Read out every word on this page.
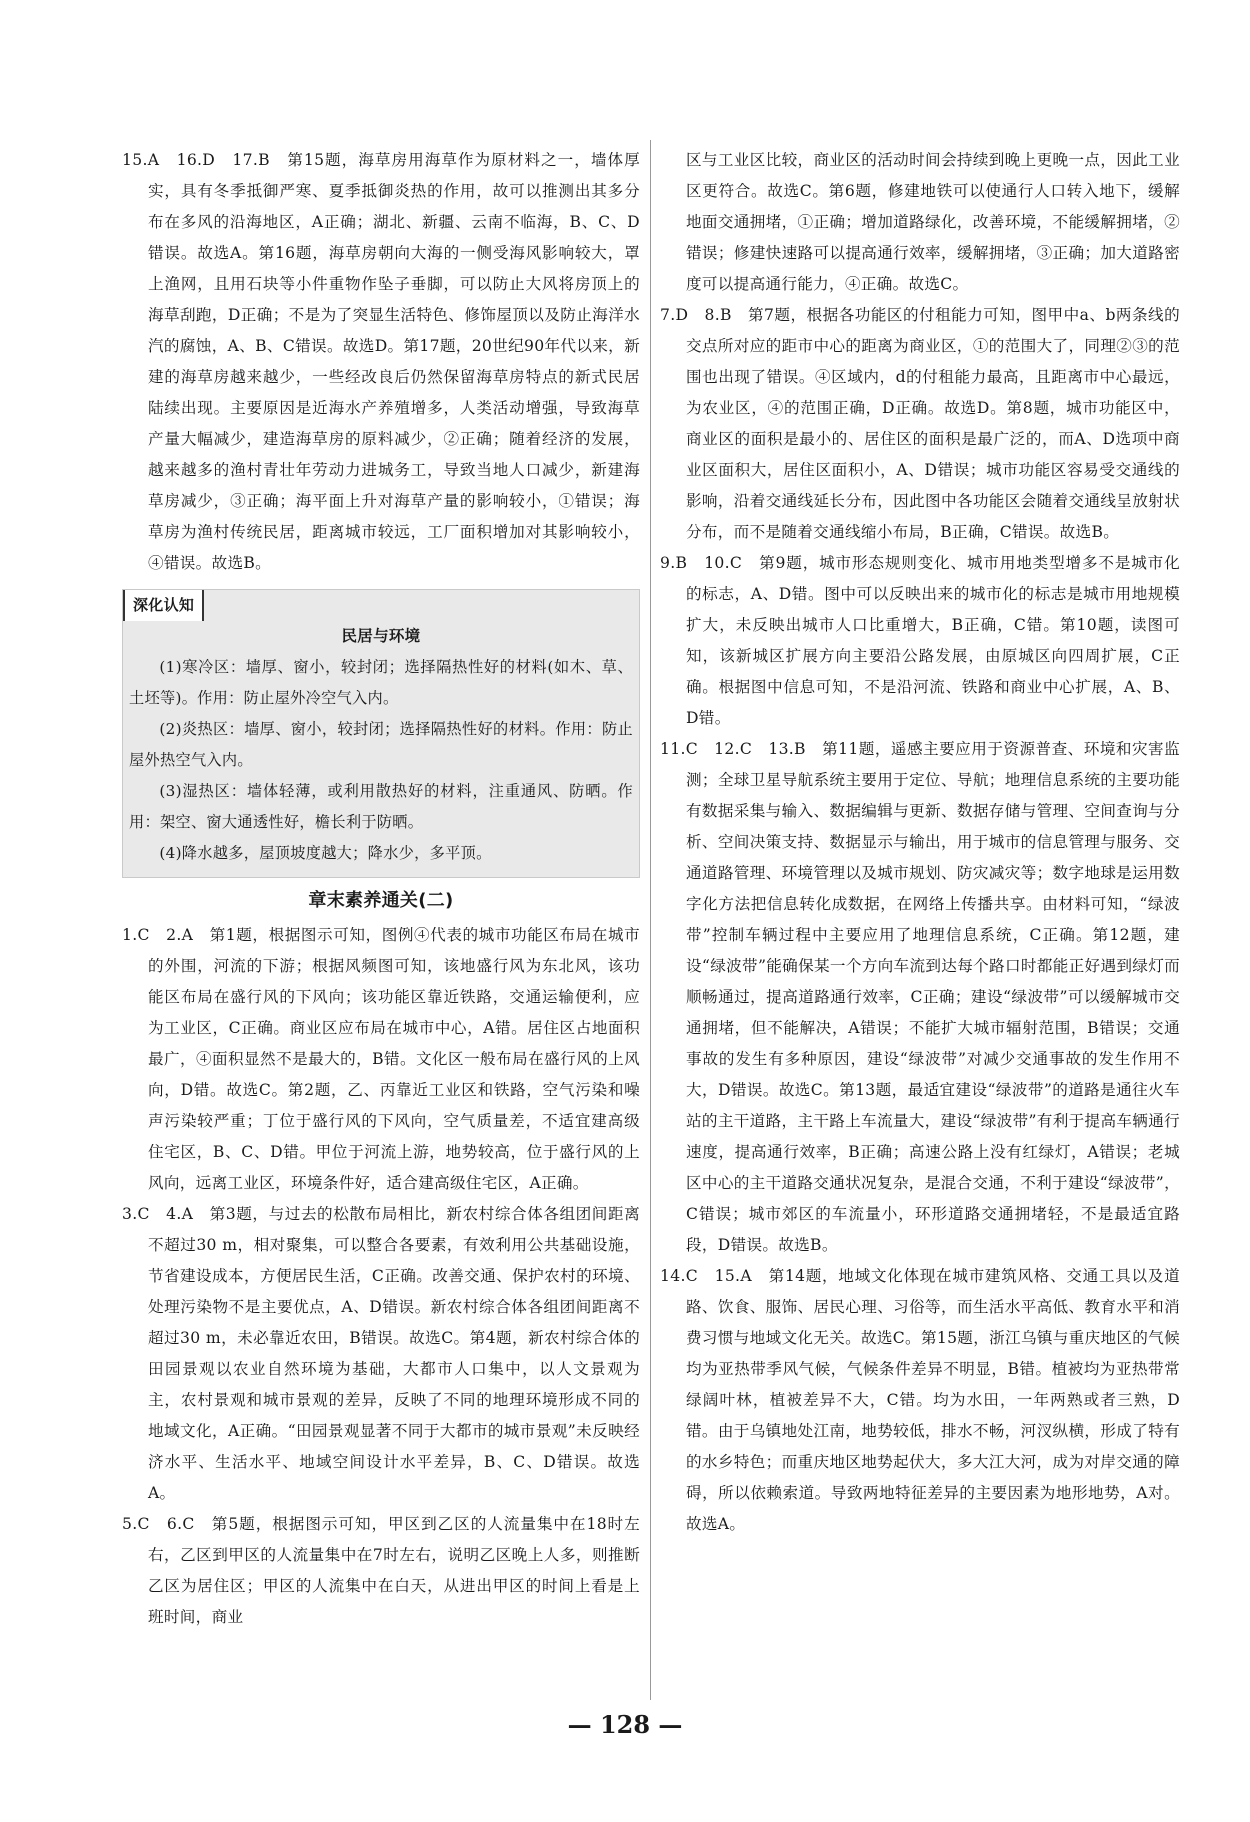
15.A　16.D　17.B　第15题，海草房用海草作为原材料之一，墙体厚实，具有冬季抵御严寒、夏季抵御炎热的作用，故可以推测出其多分布在多风的沿海地区，A正确；湖北、新疆、云南不临海，B、C、D错误。故选A。第16题，海草房朝向大海的一侧受海风影响较大，罩上渔网，且用石块等小件重物作坠子垂脚，可以防止大风将房顶上的海草刮跑，D正确；不是为了突显生活特色、修饰屋顶以及防止海洋水汽的腐蚀，A、B、C错误。故选D。第17题，20世纪90年代以来，新建的海草房越来越少，一些经改良后仍然保留海草房特点的新式民居陆续出现。主要原因是近海水产养殖增多，人类活动增强，导致海草产量大幅减少，建造海草房的原料减少，②正确；随着经济的发展，越来越多的渔村青壮年劳动力进城务工，导致当地人口减少，新建海草房减少，③正确；海平面上升对海草产量的影响较小，①错误；海草房为渔村传统民居，距离城市较远，工厂面积增加对其影响较小，④错误。故选B。

深化认知
民居与环境

(1)寒冷区：墙厚、窗小，较封闭；选择隔热性好的材料(如木、草、土坯等)。作用：防止屋外冷空气入内。

(2)炎热区：墙厚、窗小，较封闭；选择隔热性好的材料。作用：防止屋外热空气入内。

(3)湿热区：墙体轻薄，或利用散热好的材料，注重通风、防晒。作用：架空、窗大通透性好，檐长利于防晒。

(4)降水越多，屋顶坡度越大；降水少，多平顶。

章末素养通关(二)

1.C　2.A　第1题，根据图示可知，图例④代表的城市功能区布局在城市的外围，河流的下游；根据风频图可知，该地盛行风为东北风，该功能区布局在盛行风的下风向；该功能区靠近铁路，交通运输便利，应为工业区，C正确。商业区应布局在城市中心，A错。居住区占地面积最广，④面积显然不是最大的，B错。文化区一般布局在盛行风的上风向，D错。故选C。第2题，乙、丙靠近工业区和铁路，空气污染和噪声污染较严重；丁位于盛行风的下风向，空气质量差，不适宜建高级住宅区，B、C、D错。甲位于河流上游，地势较高，位于盛行风的上风向，远离工业区，环境条件好，适合建高级住宅区，A正确。

3.C　4.A　第3题，与过去的松散布局相比，新农村综合体各组团间距离不超过30 m，相对聚集，可以整合各要素，有效利用公共基础设施，节省建设成本，方便居民生活，C正确。改善交通、保护农村的环境、处理污染物不是主要优点，A、D错误。新农村综合体各组团间距离不超过30 m，未必靠近农田，B错误。故选C。第4题，新农村综合体的田园景观以农业自然环境为基础，大都市人口集中，以人文景观为主，农村景观和城市景观的差异，反映了不同的地理环境形成不同的地域文化，A正确。“田园景观显著不同于大都市的城市景观”未反映经济水平、生活水平、地域空间设计水平差异，B、C、D错误。故选A。

5.C　6.C　第5题，根据图示可知，甲区到乙区的人流量集中在18时左右，乙区到甲区的人流量集中在7时左右，说明乙区晚上人多，则推断乙区为居住区；甲区的人流集中在白天，从进出甲区的时间上看是上班时间，商业

区与工业区比较，商业区的活动时间会持续到晚上更晚一点，因此工业区更符合。故选C。第6题，修建地铁可以使通行人口转入地下，缓解地面交通拥堵，①正确；增加道路绿化，改善环境，不能缓解拥堵，②错误；修建快速路可以提高通行效率，缓解拥堵，③正确；加大道路密度可以提高通行能力，④正确。故选C。

7.D　8.B　第7题，根据各功能区的付租能力可知，图甲中a、b两条线的交点所对应的距市中心的距离为商业区，①的范围大了，同理②③的范围也出现了错误。④区域内，d的付租能力最高，且距离市中心最远，为农业区，④的范围正确，D正确。故选D。第8题，城市功能区中，商业区的面积是最小的、居住区的面积是最广泛的，而A、D选项中商业区面积大，居住区面积小，A、D错误；城市功能区容易受交通线的影响，沿着交通线延长分布，因此图中各功能区会随着交通线呈放射状分布，而不是随着交通线缩小布局，B正确，C错误。故选B。

9.B　10.C　第9题，城市形态规则变化、城市用地类型增多不是城市化的标志，A、D错。图中可以反映出来的城市化的标志是城市用地规模扩大，未反映出城市人口比重增大，B正确，C错。第10题，读图可知，该新城区扩展方向主要沿公路发展，由原城区向四周扩展，C正确。根据图中信息可知，不是沿河流、铁路和商业中心扩展，A、B、D错。

11.C　12.C　13.B　第11题，遥感主要应用于资源普查、环境和灾害监测；全球卫星导航系统主要用于定位、导航；地理信息系统的主要功能有数据采集与输入、数据编辑与更新、数据存储与管理、空间查询与分析、空间决策支持、数据显示与输出，用于城市的信息管理与服务、交通道路管理、环境管理以及城市规划、防灾减灾等；数字地球是运用数字化方法把信息转化成数据，在网络上传播共享。由材料可知，“绿波带”控制车辆过程中主要应用了地理信息系统，C正确。第12题，建设“绿波带”能确保某一个方向车流到达每个路口时都能正好遇到绿灯而顺畅通过，提高道路通行效率，C正确；建设“绿波带”可以缓解城市交通拥堵，但不能解决，A错误；不能扩大城市辐射范围，B错误；交通事故的发生有多种原因，建设“绿波带”对减少交通事故的发生作用不大，D错误。故选C。第13题，最适宜建设“绿波带”的道路是通往火车站的主干道路，主干路上车流量大，建设“绿波带”有利于提高车辆通行速度，提高通行效率，B正确；高速公路上没有红绿灯，A错误；老城区中心的主干道路交通状况复杂，是混合交通，不利于建设“绿波带”，C错误；城市郊区的车流量小，环形道路交通拥堵轻，不是最适宜路段，D错误。故选B。

14.C　15.A　第14题，地域文化体现在城市建筑风格、交通工具以及道路、饮食、服饰、居民心理、习俗等，而生活水平高低、教育水平和消费习惯与地域文化无关。故选C。第15题，浙江乌镇与重庆地区的气候均为亚热带季风气候，气候条件差异不明显，B错。植被均为亚热带常绿阔叶林，植被差异不大，C错。均为水田，一年两熟或者三熟，D错。由于乌镇地处江南，地势较低，排水不畅，河汊纵横，形成了特有的水乡特色；而重庆地区地势起伏大，多大江大河，成为对岸交通的障碍，所以依赖索道。导致两地特征差异的主要因素为地形地势，A对。故选A。

— 128 —
